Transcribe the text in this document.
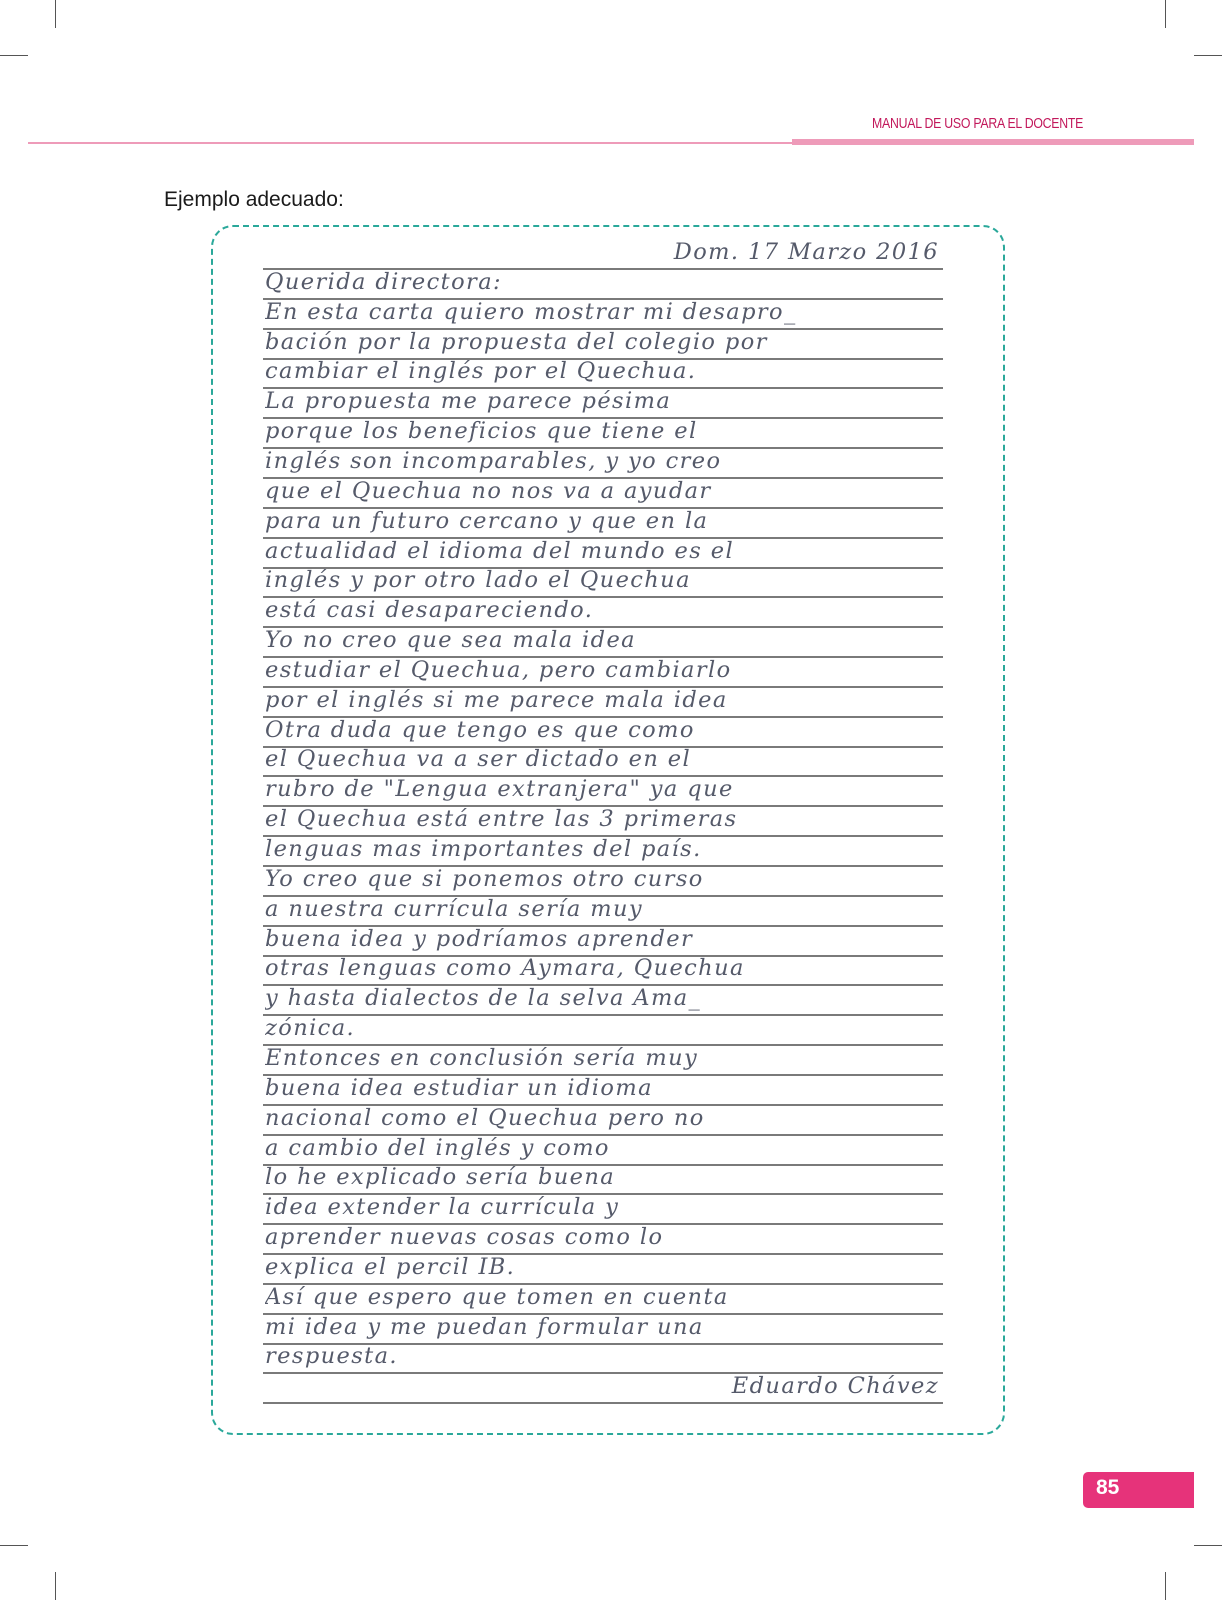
MANUAL DE USO PARA EL DOCENTE
Ejemplo adecuado:
Dom. 17 Marzo 2016
Querida directora:
En esta carta quiero mostrar mi desapro_
bación por la propuesta del colegio por
cambiar el inglés por el Quechua.
La propuesta me parece pésima
porque los beneficios que tiene el
inglés son incomparables, y yo creo
que el Quechua no nos va a ayudar
para un futuro cercano y que en la
actualidad el idioma del mundo es el
inglés y por otro lado el Quechua
está casi desapareciendo.
Yo no creo que sea mala idea
estudiar el Quechua, pero cambiarlo
por el inglés si me parece mala idea
Otra duda que tengo es que como
el Quechua va a ser dictado en el
rubro de "Lengua extranjera" ya que
el Quechua está entre las 3 primeras
lenguas mas importantes del país.
Yo creo que si ponemos otro curso
a nuestra currícula sería muy
buena idea y podríamos aprender
otras lenguas como Aymara, Quechua
y hasta dialectos de la selva Ama_
zónica.
Entonces en conclusión sería muy
buena idea estudiar un idioma
nacional como el Quechua pero no
a cambio del inglés y como
lo he explicado sería buena
idea extender la currícula y
aprender nuevas cosas como lo
explica el percil IB.
Así que espero que tomen en cuenta
mi idea y me puedan formular una
respuesta.
Eduardo Chávez
85
